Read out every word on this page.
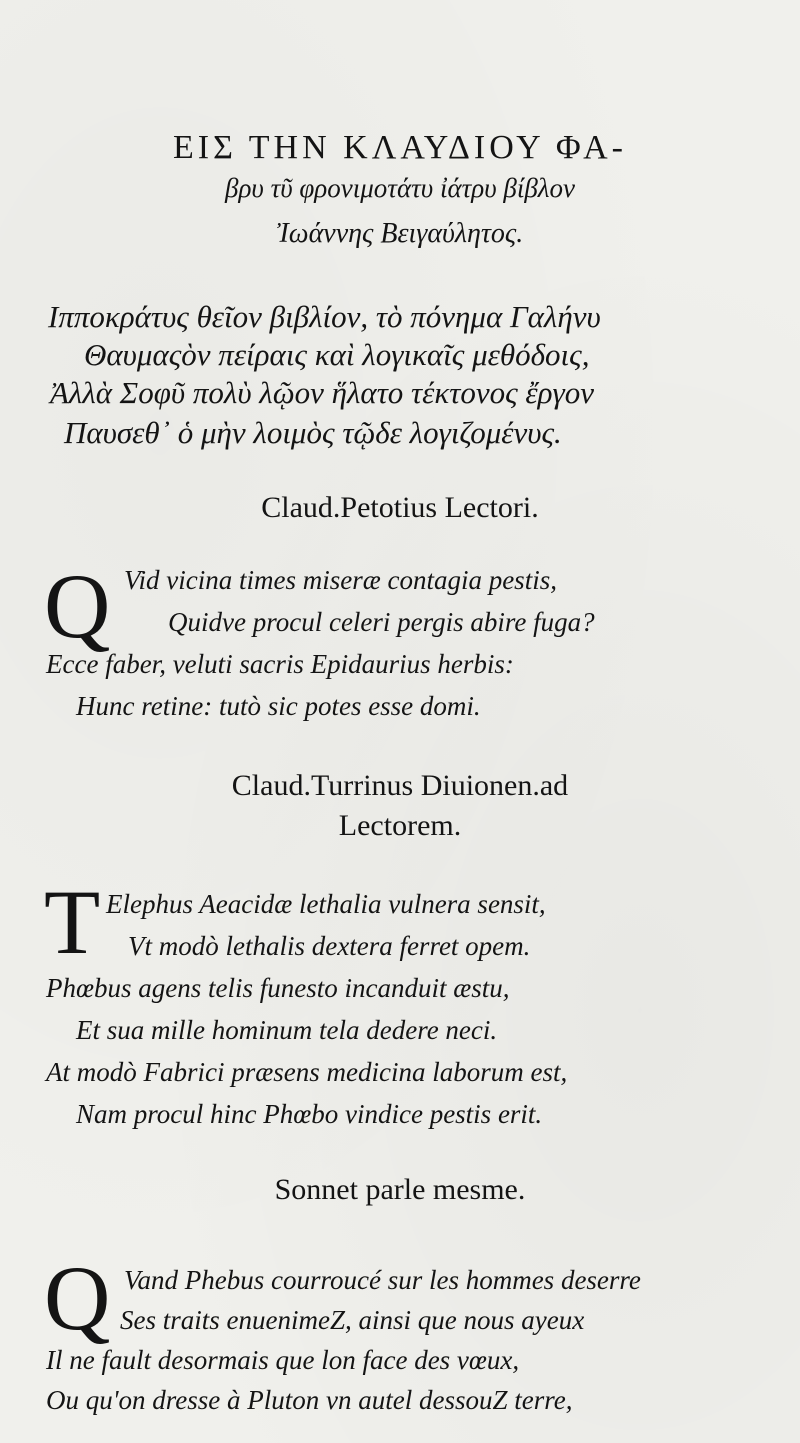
ΕΙΣ ΤΗΝ ΚΛΑΥΔΙΟΥ ΦΑ-
βρυ τῦ φρονιμοτάτυ ἰάτρυ βίβλον
Ἰωάννης Βειγαύλητος.
Ιπποκράτυς θεῖον βιβλίον, τὸ πόνημα Γαλήνυ
Θαυμαςὸν πείραις καὶ λογικαῖς μεθόδοις,
Ἀλλὰ Σοφῦ πολὺ λῷον ἥλατο τέκτονος ἔργον
Παυσεθ᾽ ὁ μὴν λοιμὸς τῷδε λογιζομένυς.
Claud.Petotius Lectori.
Q Vid vicina times miseræ contagia pestis,
Quidve procul celeri pergis abire fuga?
Ecce faber, veluti sacris Epidaurius herbis:
Hunc retine: tutò sic potes esse domi.
Claud.Turrinus Diuionen.ad
Lectorem.
T Elephus Aeacidæ lethalia vulnera sensit,
Vt modò lethalis dextera ferret opem.
Phœbus agens telis funesto incanduit æstu,
Et sua mille hominum tela dedere neci.
At modò Fabrici præsens medicina laborum est,
Nam procul hinc Phœbo vindice pestis erit.
Sonnet parle mesme.
Q Vand Phebus courroucé sur les hommes deserre
Ses traits enuenimeZ, ainsi que nous ayeux
Il ne fault desormais que lon face des vœux,
Ou qu'on dresse à Pluton vn autel dessouZ terre,
